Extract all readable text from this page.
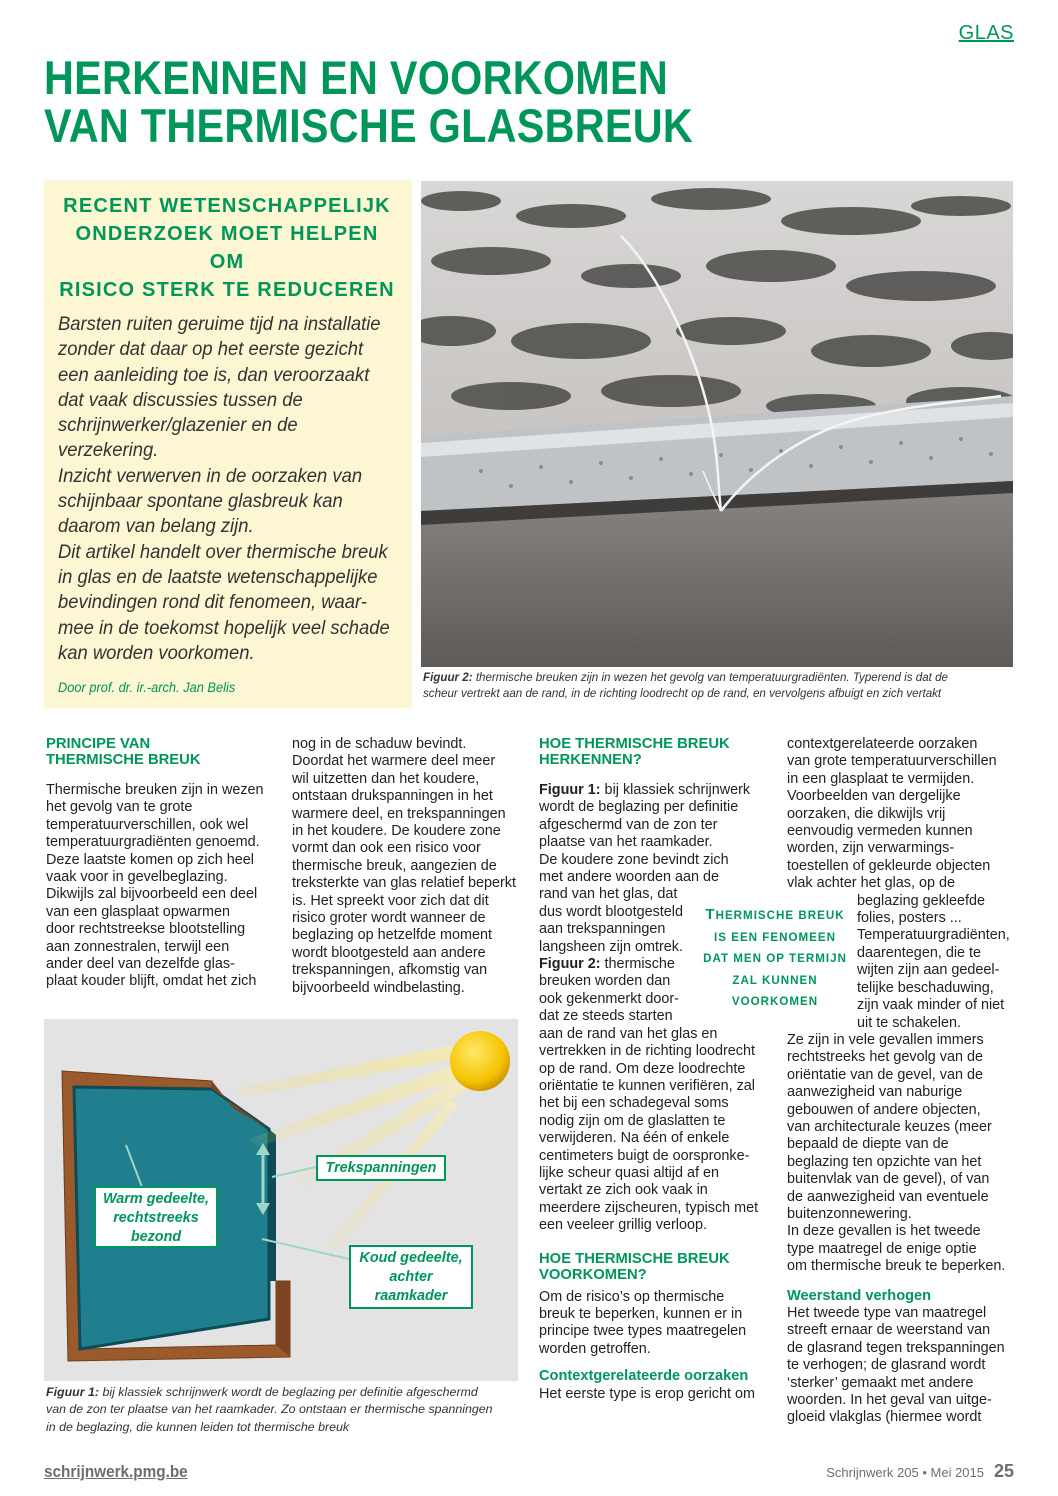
GLAS
HERKENNEN EN VOORKOMEN
VAN THERMISCHE GLASBREUK
RECENT WETENSCHAPPELIJK
ONDERZOEK MOET HELPEN OM
RISICO STERK TE REDUCEREN
Barsten ruiten geruime tijd na installatie
zonder dat daar op het eerste gezicht
een aanleiding toe is, dan veroorzaakt
dat vaak discussies tussen de
schrijnwerker/glazenier en de
verzekering.
Inzicht verwerven in de oorzaken van
schijnbaar spontane glasbreuk kan
daarom van belang zijn.
Dit artikel handelt over thermische breuk
in glas en de laatste wetenschappelijke
bevindingen rond dit fenomeen, waar-
mee in de toekomst hopelijk veel schade
kan worden voorkomen.
Door prof. dr. ir.-arch. Jan Belis
Figuur 2: thermische breuken zijn in wezen het gevolg van temperatuurgradiënten. Typerend is dat de
scheur vertrekt aan de rand, in de richting loodrecht op de rand, en vervolgens afbuigt en zich vertakt
PRINCIPE VAN
THERMISCHE BREUK

Thermische breuken zijn in wezen
het gevolg van te grote
temperatuurverschillen, ook wel
temperatuurgradiënten genoemd.
Deze laatste komen op zich heel
vaak voor in gevelbeglazing.
Dikwijls zal bijvoorbeeld een deel
van een glasplaat opwarmen
door rechtstreekse blootstelling
aan zonnestralen, terwijl een
ander deel van dezelfde glas-
plaat kouder blijft, omdat het zich

nog in de schaduw bevindt.
Doordat het warmere deel meer
wil uitzetten dan het koudere,
ontstaan drukspanningen in het
warmere deel, en trekspanningen
in het koudere. De koudere zone
vormt dan ook een risico voor
thermische breuk, aangezien de
treksterkte van glas relatief beperkt
is. Het spreekt voor zich dat dit
risico groter wordt wanneer de
beglazing op hetzelfde moment
wordt blootgesteld aan andere
trekspanningen, afkomstig van
bijvoorbeeld windbelasting.

HOE THERMISCHE BREUK
HERKENNEN?

Figuur 1: bij klassiek schrijnwerk
wordt de beglazing per definitie
afgeschermd van de zon ter
plaatse van het raamkader.
De koudere zone bevindt zich
met andere woorden aan de
rand van het glas, dat
dus wordt blootgesteld
aan trekspanningen
langsheen zijn omtrek.
Figuur 2: thermische
breuken worden dan
ook gekenmerkt door-
dat ze steeds starten
aan de rand van het glas en
vertrekken in de richting loodrecht
op de rand. Om deze loodrechte
oriëntatie te kunnen verifiëren, zal
het bij een schadegeval soms
nodig zijn om de glaslatten te
verwijderen. Na één of enkele
centimeters buigt de oorspronke-
lijke scheur quasi altijd af en
vertakt ze zich ook vaak in
meerdere zijscheuren, typisch met
een veeleer grillig verloop.

HOE THERMISCHE BREUK
VOORKOMEN?

Om de risico’s op thermische
breuk te beperken, kunnen er in
principe twee types maatregelen
worden getroffen.

Contextgerelateerde oorzaken

Het eerste type is erop gericht om

contextgerelateerde oorzaken
van grote temperatuurverschillen
in een glasplaat te vermijden.
Voorbeelden van dergelijke
oorzaken, die dikwijls vrij
eenvoudig vermeden kunnen
worden, zijn verwarmings-
toestellen of gekleurde objecten
vlak achter het glas, op de

beglazing gekleefde
folies, posters ...
Temperatuurgradiënten,
daarentegen, die te
wijten zijn aan gedeel-
telijke beschaduwing,
zijn vaak minder of niet
uit te schakelen.

Ze zijn in vele gevallen immers
rechtstreeks het gevolg van de
oriëntatie van de gevel, van de
aanwezigheid van naburige
gebouwen of andere objecten,
van architecturale keuzes (meer
bepaald de diepte van de
beglazing ten opzichte van het
buitenvlak van de gevel), of van
de aanwezigheid van eventuele
buitenzonnewering.
In deze gevallen is het tweede
type maatregel de enige optie
om thermische breuk te beperken.

Weerstand verhogen

Het tweede type van maatregel
streeft ernaar de weerstand van
de glasrand tegen trekspanningen
te verhogen; de glasrand wordt
‘sterker’ gemaakt met andere
woorden. In het geval van uitge-
gloeid vlakglas (hiermee wordt

THERMISCHE BREUK
IS EEN FENOMEEN
DAT MEN OP TERMIJN
ZAL KUNNEN
VOORKOMEN
Warm gedeelte,
rechtstreeks
bezond
Trekspanningen
Koud gedeelte,
achter
raamkader
Figuur 1: bij klassiek schrijnwerk wordt de beglazing per definitie afgeschermd
van de zon ter plaatse van het raamkader. Zo ontstaan er thermische spanningen
in de beglazing, die kunnen leiden tot thermische breuk
schrijnwerk.pmg.be	Schrijnwerk 205 • Mei 2015 25
